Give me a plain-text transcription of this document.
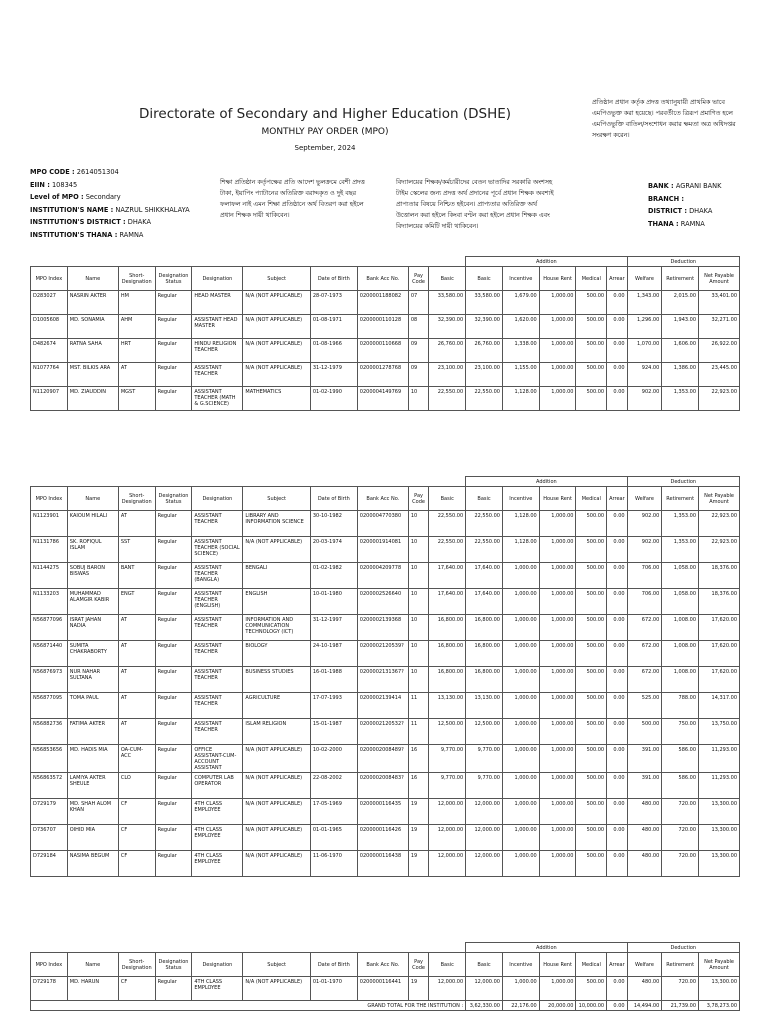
Directorate of Secondary and Higher Education (DSHE)
MONTHLY PAY ORDER (MPO)
September, 2024
প্রতিষ্ঠান প্রধান কর্তৃক প্রদত্ত তথ্যানুযায়ী প্রাথমিক ভাবে এমপিওভুক্ত করা হয়েছে। পরবর্তীতে ত্রিরূপ প্রমাণিত হলে এমপিওভুক্তি বাতিল/সংশোধন করার ক্ষমতা অত্র অধিদপ্তর সংরক্ষণ করেন।
শিক্ষা প্রতিষ্ঠান কর্তৃপক্ষের প্রতি আদেশ ভুলক্রমে বেশী প্রদত্ত টাকা, ইয়াপিং প্যাটানের অতিরিক্ত বরাদ্দকৃত ও দুই বছর ফলাফল নাই এমন শিক্ষা প্রতিষ্ঠানে অর্থ বিতরণ করা হইলে প্রধান শিক্ষক দায়ী থাকিবেন।
বিদ্যালয়ের শিক্ষক/কর্মচারীদের বেতন ভাতাদির সরকারি অংশসহ টাইম স্কেলের জন্য প্রদত্ত অর্থ প্রদানের পূর্বে প্রধান শিক্ষক অবশ্যই প্রাপ্যতার বিষয়ে নিশ্চিত হইবেন। প্রাপ্যতার অতিরিক্ত অর্থ উত্তোলন করা হইলে কিংবা বণ্টন করা হইলে প্রধান শিক্ষক এবং বিদ্যালয়ের কমিটি দায়ী থাকিবেন।
MPO CODE : 2614051304
EIIN : 108345
Level of MPO : Secondary
INSTITUTION'S NAME : NAZRUL SHIKKHALAYA
INSTITUTION'S DISTRICT : DHAKA
INSTITUTION'S THANA : RAMNA
BANK : AGRANI BANK
BRANCH :
DISTRICT : DHAKA
THANA : RAMNA
										Addition					Deduction		
MPO Index	Name	Short-Designation	Designation Status	Designation	Subject	Date of Birth	Bank Acc No.	Pay Code	Basic	Basic	Incentive	House Rent	Medical	Arrear	Welfare	Retirement	Net Payable Amount
D283027	NASRIN AKTER	HM	Regular	HEAD MASTER	N/A (NOT APPLICABLE)	28-07-1973	0200001188082	07	33,580.00	33,580.00	1,679.00	1,000.00	500.00	0.00	1,343.00	2,015.00	33,401.00
D1005608	MD. SONAMIA	AHM	Regular	ASSISTANT HEAD MASTER	N/A (NOT APPLICABLE)	01-08-1971	0200000110128	08	32,390.00	32,390.00	1,620.00	1,000.00	500.00	0.00	1,296.00	1,943.00	32,271.00
D482674	RATNA SAHA	HRT	Regular	HINDU RELIGION TEACHER	N/A (NOT APPLICABLE)	01-08-1966	0200000110668	09	26,760.00	26,760.00	1,338.00	1,000.00	500.00	0.00	1,070.00	1,606.00	26,922.00
N1077764	MST. BILKIS ARA	AT	Regular	ASSISTANT TEACHER	N/A (NOT APPLICABLE)	31-12-1979	0200001278768	09	23,100.00	23,100.00	1,155.00	1,000.00	500.00	0.00	924.00	1,386.00	23,445.00
N1120907	MD. ZIAUDDIN	MGST	Regular	ASSISTANT TEACHER (MATH & G.SCIENCE)	MATHEMATICS	01-02-1990	0200004149769	10	22,550.00	22,550.00	1,128.00	1,000.00	500.00	0.00	902.00	1,353.00	22,923.00
										Addition					Deduction		
MPO Index	Name	Short-Designation	Designation Status	Designation	Subject	Date of Birth	Bank Acc No.	Pay Code	Basic	Basic	Incentive	House Rent	Medical	Arrear	Welfare	Retirement	Net Payable Amount
N1123901	KAIOUM HILALI	AT	Regular	ASSISTANT TEACHER	LIBRARY AND INFORMATION SCIENCE	30-10-1982	0200004770380	10	22,550.00	22,550.00	1,128.00	1,000.00	500.00	0.00	902.00	1,353.00	22,923.00
N1131786	SK. ROFIQUL ISLAM	SST	Regular	ASSISTANT TEACHER (SOCIAL SCIENCE)	N/A (NOT APPLICABLE)	20-03-1974	0200001914081	10	22,550.00	22,550.00	1,128.00	1,000.00	500.00	0.00	902.00	1,353.00	22,923.00
N1144275	SOBUJ BARON BISWAS	BANT	Regular	ASSISTANT TEACHER (BANGLA)	BENGALI	01-02-1982	0200004209778	10	17,640.00	17,640.00	1,000.00	1,000.00	500.00	0.00	706.00	1,058.00	18,376.00
N1133203	MUHAMMAD ALAMGIR KABIR	ENGT	Regular	ASSISTANT TEACHER (ENGLISH)	ENGLISH	10-01-1980	0200002526640	10	17,640.00	17,640.00	1,000.00	1,000.00	500.00	0.00	706.00	1,058.00	18,376.00
N56877096	ISRAT JAHAN NADIA	AT	Regular	ASSISTANT TEACHER	INFORMATION AND COMMUNICATION TECHNOLOGY (ICT)	31-12-1997	0200002139368	10	16,800.00	16,800.00	1,000.00	1,000.00	500.00	0.00	672.00	1,008.00	17,620.00
N56871440	SUMITA CHAKRABORTY	AT	Regular	ASSISTANT TEACHER	BIOLOGY	24-10-1987	0200002120539?	10	16,800.00	16,800.00	1,000.00	1,000.00	500.00	0.00	672.00	1,008.00	17,620.00
N56876973	NUR NAHAR SULTANA	AT	Regular	ASSISTANT TEACHER	BUSINESS STUDIES	16-01-1988	0200002131367?	10	16,800.00	16,800.00	1,000.00	1,000.00	500.00	0.00	672.00	1,008.00	17,620.00
N56877095	TOMA PAUL	AT	Regular	ASSISTANT TEACHER	AGRICULTURE	17-07-1993	0200002139414	11	13,130.00	13,130.00	1,000.00	1,000.00	500.00	0.00	525.00	788.00	14,317.00
N56882736	FATIMA AKTER	AT	Regular	ASSISTANT TEACHER	ISLAM RELIGION	15-01-1987	0200002120532?	11	12,500.00	12,500.00	1,000.00	1,000.00	500.00	0.00	500.00	750.00	13,750.00
N56853656	MD. HADIS MIA	OA-CUM-ACC	Regular	OFFICE ASSISTANT-CUM-ACCOUNT ASSISTANT	N/A (NOT APPLICABLE)	10-02-2000	0200002008489?	16	9,770.00	9,770.00	1,000.00	1,000.00	500.00	0.00	391.00	586.00	11,293.00
N56863572	LAMIYA AKTER SHEULE	CLO	Regular	COMPUTER LAB OPERATOR	N/A (NOT APPLICABLE)	22-08-2002	0200002008483?	16	9,770.00	9,770.00	1,000.00	1,000.00	500.00	0.00	391.00	586.00	11,293.00
D729179	MD. SHAH ALOM KHAN	CF	Regular	4TH CLASS EMPLOYEE	N/A (NOT APPLICABLE)	17-05-1969	0200000116435	19	12,000.00	12,000.00	1,000.00	1,000.00	500.00	0.00	480.00	720.00	13,300.00
D736707	OIHID MIA	CF	Regular	4TH CLASS EMPLOYEE	N/A (NOT APPLICABLE)	01-01-1965	0200000116426	19	12,000.00	12,000.00	1,000.00	1,000.00	500.00	0.00	480.00	720.00	13,300.00
D729184	NASIMA BEGUM	CF	Regular	4TH CLASS EMPLOYEE	N/A (NOT APPLICABLE)	11-06-1970	0200000116438	19	12,000.00	12,000.00	1,000.00	1,000.00	500.00	0.00	480.00	720.00	13,300.00
										Addition					Deduction		
MPO Index	Name	Short-Designation	Designation Status	Designation	Subject	Date of Birth	Bank Acc No.	Pay Code	Basic	Basic	Incentive	House Rent	Medical	Arrear	Welfare	Retirement	Net Payable Amount
D729178	MD. HARUN	CF	Regular	4TH CLASS EMPLOYEE	N/A (NOT APPLICABLE)	01-01-1970	0200000116441	19	12,000.00	12,000.00	1,000.00	1,000.00	500.00	0.00	480.00	720.00	13,300.00
GRAND TOTAL FOR THE INSTITUTION :										3,62,330.00	22,176.00	20,000.00	10,000.00	0.00	14,494.00	21,739.00	3,78,273.00
